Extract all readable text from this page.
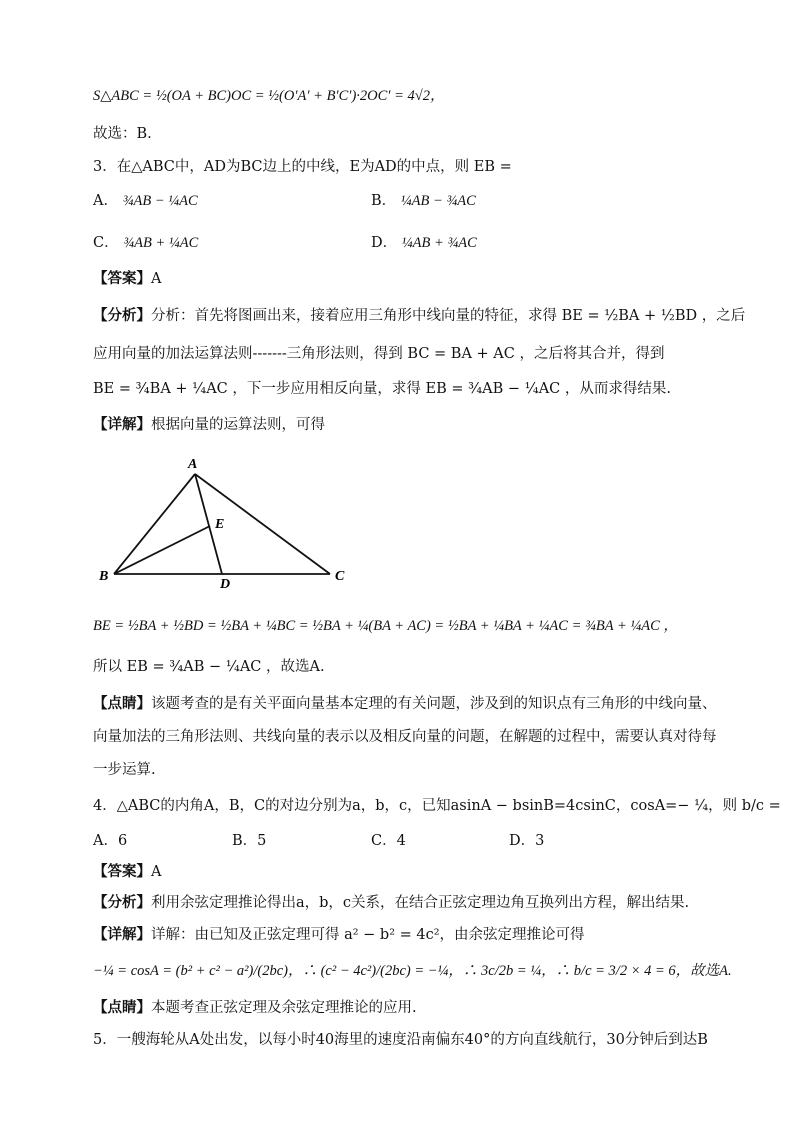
S△ABC = ½(OA + BC)OC = ½(O′A′ + B′C′)·2OC′ = 4√2，
故选：B.
3．在△ABC中，AD为BC边上的中线，E为AD的中点，则 EB =
A． ¾AB − ¼AC	B． ¼AB − ¾AC
C． ¾AB + ¼AC	D． ¼AB + ¾AC
【答案】A
【分析】分析：首先将图画出来，接着应用三角形中线向量的特征，求得 BE = ½BA + ½BD ，之后
应用向量的加法运算法则-------三角形法则，得到 BC = BA + AC ，之后将其合并，得到
BE = ¾BA + ¼AC ，下一步应用相反向量，求得 EB = ¾AB − ¼AC ，从而求得结果.
【详解】根据向量的运算法则，可得
A
B	C
D
E
BE = ½BA + ½BD = ½BA + ¼BC = ½BA + ¼(BA + AC) = ½BA + ¼BA + ¼AC = ¾BA + ¼AC ，
所以 EB = ¾AB − ¼AC ，故选A.
【点睛】该题考查的是有关平面向量基本定理的有关问题，涉及到的知识点有三角形的中线向量、
向量加法的三角形法则、共线向量的表示以及相反向量的问题，在解题的过程中，需要认真对待每
一步运算.
4．△ABC的内角A，B，C的对边分别为a，b，c，已知asinA − bsinB=4csinC，cosA=− ¼，则 b/c =
A．6	B．5	C．4	D．3
【答案】A
【分析】利用余弦定理推论得出a，b，c关系，在结合正弦定理边角互换列出方程，解出结果.
【详解】详解：由已知及正弦定理可得 a² − b² = 4c²，由余弦定理推论可得
−¼ = cosA = (b² + c² − a²)/(2bc)，∴ (c² − 4c²)/(2bc) = −¼，∴ 3c/2b = ¼，∴ b/c = 3/2 × 4 = 6，故选A.
【点睛】本题考查正弦定理及余弦定理推论的应用.
5．一艘海轮从A处出发，以每小时40海里的速度沿南偏东40°的方向直线航行，30分钟后到达B
